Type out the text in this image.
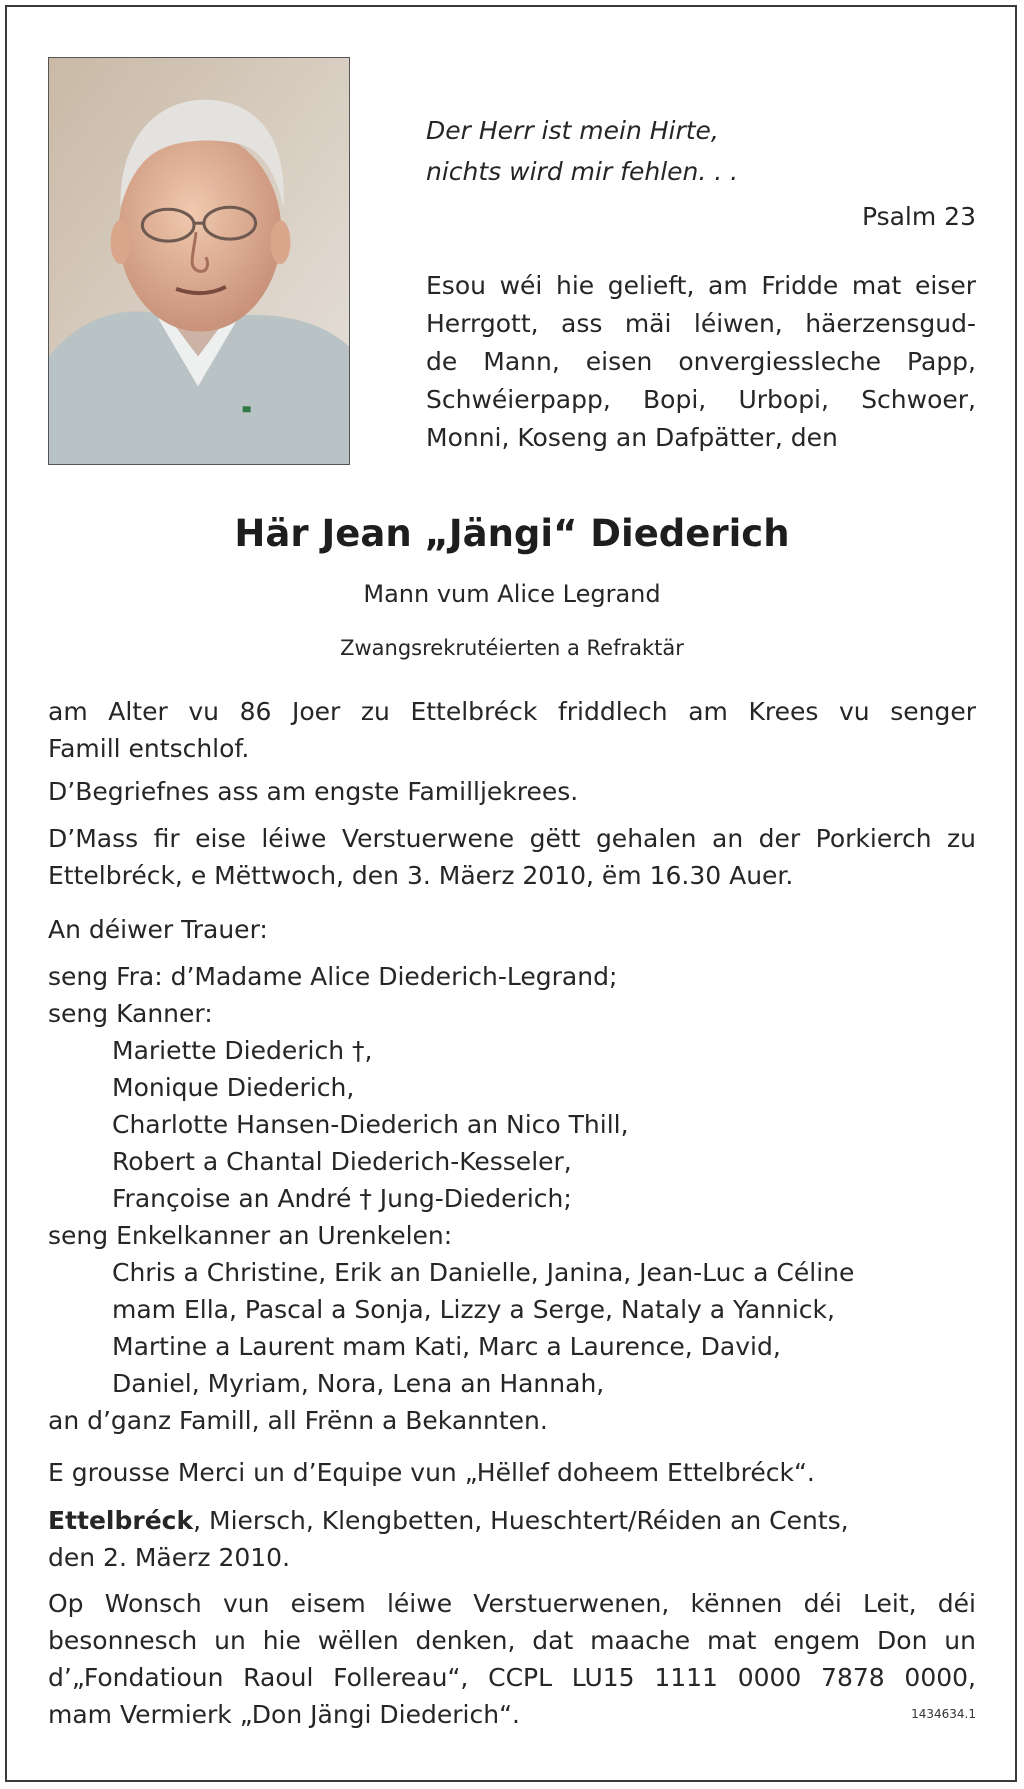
Der Herr ist mein Hirte,
nichts wird mir fehlen. . .
Psalm 23
Esou wéi hie gelieft, am Fridde mat eiser
Herrgott, ass mäi léiwen, häerzensgud-
de Mann, eisen onvergiessleche Papp,
Schwéierpapp, Bopi, Urbopi, Schwoer,
Monni, Koseng an Dafpätter, den
Här Jean „Jängi“ Diederich
Mann vum Alice Legrand
Zwangsrekrutéierten a Refraktär
am Alter vu 86 Joer zu Ettelbréck friddlech am Krees vu senger
Famill entschlof.
D’Begriefnes ass am engste Familljekrees.
D’Mass fir eise léiwe Verstuerwene gëtt gehalen an der Porkierch zu
Ettelbréck, e Mëttwoch, den 3. Mäerz 2010, ëm 16.30 Auer.
An déiwer Trauer:
seng Fra: d’Madame Alice Diederich-Legrand;
seng Kanner:
Mariette Diederich †,
Monique Diederich,
Charlotte Hansen-Diederich an Nico Thill,
Robert a Chantal Diederich-Kesseler,
Françoise an André † Jung-Diederich;
seng Enkelkanner an Urenkelen:
Chris a Christine, Erik an Danielle, Janina, Jean-Luc a Céline
mam Ella, Pascal a Sonja, Lizzy a Serge, Nataly a Yannick,
Martine a Laurent mam Kati, Marc a Laurence, David,
Daniel, Myriam, Nora, Lena an Hannah,
an d’ganz Famill, all Frënn a Bekannten.
E grousse Merci un d’Equipe vun „Hëllef doheem Ettelbréck“.
Ettelbréck, Miersch, Klengbetten, Hueschtert/Réiden an Cents,
den 2. Mäerz 2010.
Op Wonsch vun eisem léiwe Verstuerwenen, kënnen déi Leit, déi
besonnesch un hie wëllen denken, dat maache mat engem Don un
d’„Fondatioun Raoul Follereau“, CCPL LU15 1111 0000 7878 0000,
mam Vermierk „Don Jängi Diederich“.	1434634.1
